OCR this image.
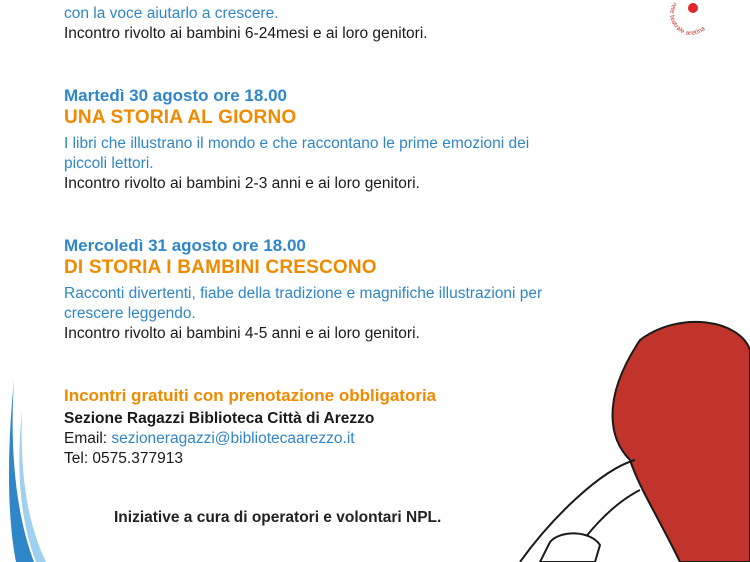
rete teatrale aretina
con la voce aiutarlo a crescere.
Incontro rivolto ai bambini 6-24mesi e ai loro genitori.
Martedì 30 agosto ore 18.00
UNA STORIA AL GIORNO
I libri che illustrano il mondo e che raccontano le prime emozioni dei
piccoli lettori.
Incontro rivolto ai bambini 2-3 anni e ai loro genitori.
Mercoledì 31 agosto ore 18.00
DI STORIA I BAMBINI CRESCONO
Racconti divertenti, fiabe della tradizione e magnifiche illustrazioni per
crescere leggendo.
Incontro rivolto ai bambini 4-5 anni e ai loro genitori.
Incontri gratuiti con prenotazione obbligatoria
Sezione Ragazzi Biblioteca Città di Arezzo
Email: sezioneragazzi@bibliotecaarezzo.it
Tel: 0575.377913
Iniziative a cura di operatori e volontari NPL.
